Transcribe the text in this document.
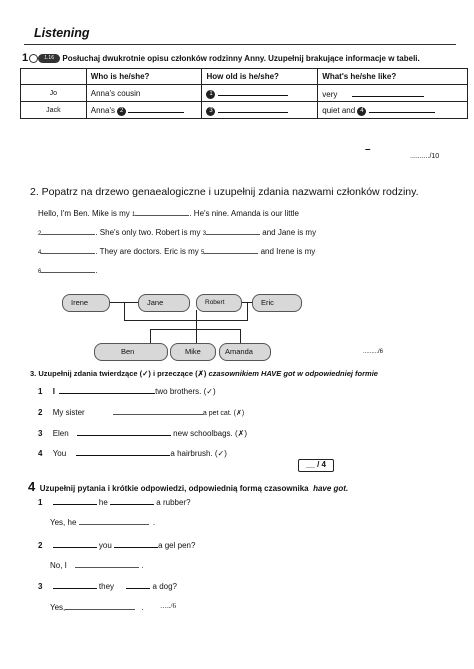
Listening
1	1.16 Posłuchaj dwukrotnie opisu członków rodzinny Anny. Uzupełnij brakujące informacje w tabeli.
	Who is he/she?	How old is he/she?	What's he/she like?
Jo	Anna's cousin	1	very
Jack	Anna's 2	3	quiet and 4
–
........../10
2. Popatrz na drzewo genaealogiczne i uzupełnij zdania nazwami członków rodziny.
Hello, I'm Ben. Mike is my 1	. He's nine. Amanda is our little
2	. She's only two. Robert is my 3	and Jane is my
4	. They are doctors. Eric is my 5	and Irene is my
6	.
Irene	Jane	Robert	Eric
Ben	Mike	Amanda	........./6
3. Uzupełnij zdania twierdzące (✓) i przeczące (✗) czasownikiem HAVE got w odpowiedniej formie
1 I	two brothers. (✓)
2 My sister	a pet cat. (✗)
3 Elen	new schoolbags. (✗)
4 You	a hairbrush. (✓)
__ / 4
4 Uzupełnij pytania i krótkie odpowiedzi, odpowiednią formą czasownika have got.
1	he	a rubber?
Yes, he	.
2	you	a gel pen?
No, I	.
3	they	a dog?
Yes,	. …../6
